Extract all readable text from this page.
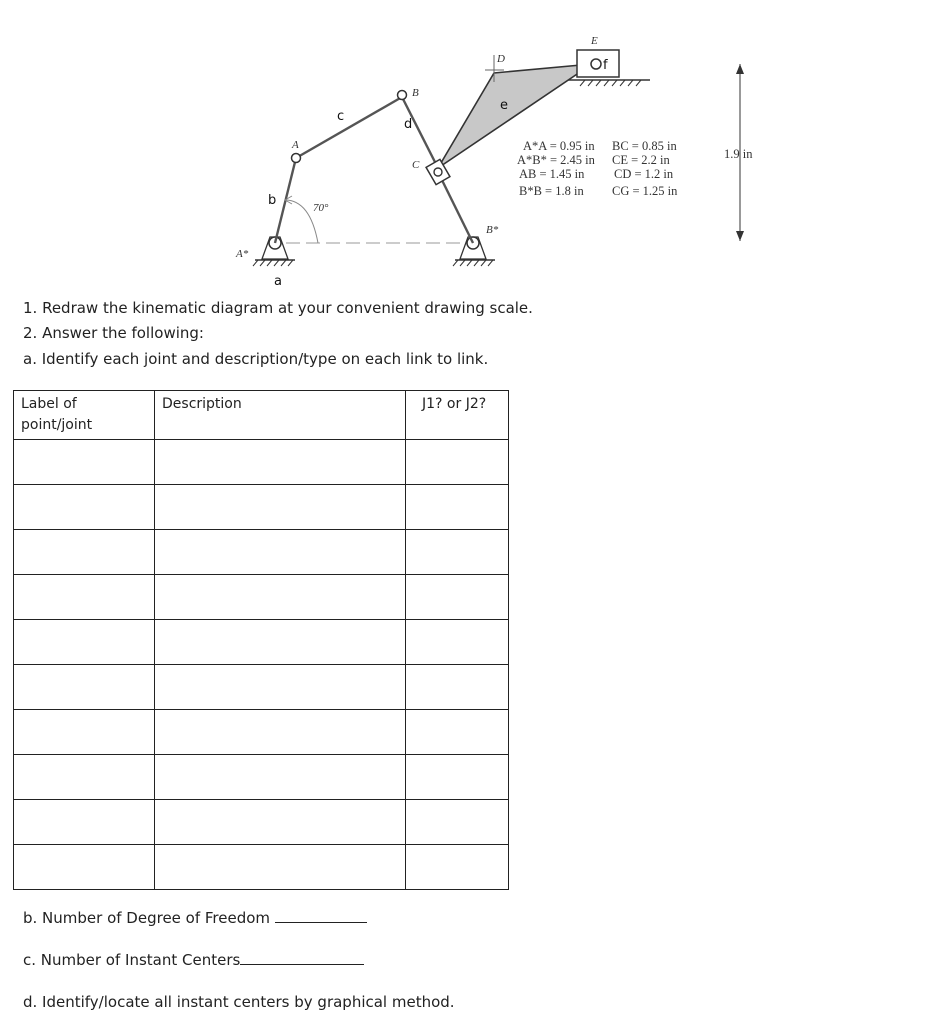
a
b
c
d
e
f
A*
A
B
C
D
E
B*
70°
A*A = 0.95 in
A*B* = 2.45 in
AB = 1.45 in
B*B = 1.8 in
BC = 0.85 in
CE = 2.2 in
CD = 1.2 in
CG = 1.25 in
1.9 in
1. Redraw the kinematic diagram at your convenient drawing scale.
2. Answer the following:
a. Identify each joint and description/type on each link to link.
Label of point/joint	Description	J1? or J2?

b. Number of Degree of Freedom
c. Number of Instant Centers
d. Identify/locate all instant centers by graphical method.
